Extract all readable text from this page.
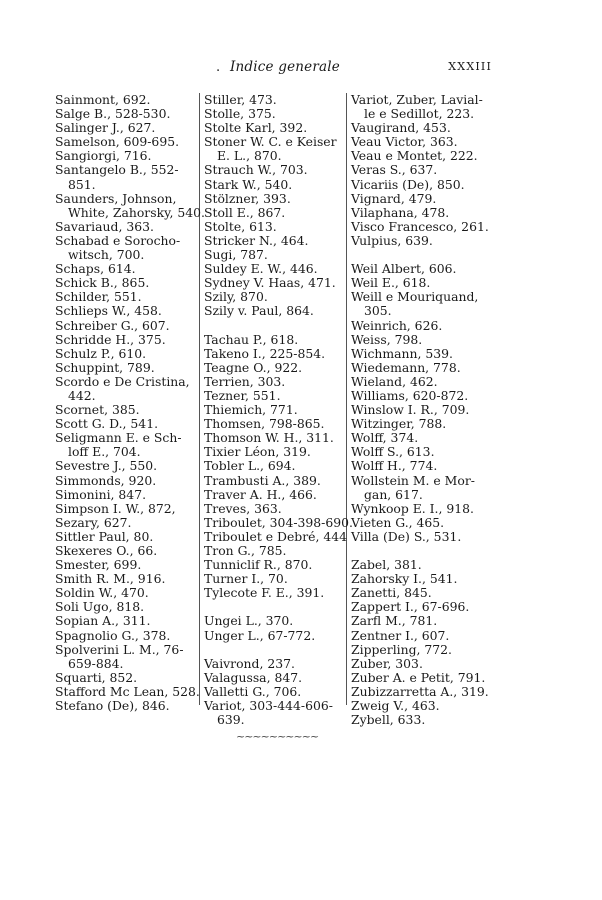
. Indice generale	XXXIII
Sainmont, 692.
Salge B., 528-530.
Salinger J., 627.
Samelson, 609-695.
Sangiorgi, 716.
Santangelo B., 552-
851.
Saunders, Johnson,
White, Zahorsky, 540.
Savariaud, 363.
Schabad e Sorocho-
witsch, 700.
Schaps, 614.
Schick B., 865.
Schilder, 551.
Schlieps W., 458.
Schreiber G., 607.
Schridde H., 375.
Schulz P., 610.
Schuppint, 789.
Scordo e De Cristina,
442.
Scornet, 385.
Scott G. D., 541.
Seligmann E. e Sch-
loff E., 704.
Sevestre J., 550.
Simmonds, 920.
Simonini, 847.
Simpson I. W., 872,
Sezary, 627.
Sittler Paul, 80.
Skexeres O., 66.
Smester, 699.
Smith R. M., 916.
Soldin W., 470.
Soli Ugo, 818.
Sopian A., 311.
Spagnolio G., 378.
Spolverini L. M., 76-
659-884.
Squarti, 852.
Stafford Mc Lean, 528.
Stefano (De), 846.
Stiller, 473.
Stolle, 375.
Stolte Karl, 392.
Stoner W. C. e Keiser
E. L., 870.
Strauch W., 703.
Stark W., 540.
Stölzner, 393.
Stoll E., 867.
Stolte, 613.
Stricker N., 464.
Sugi, 787.
Suldey E. W., 446.
Sydney V. Haas, 471.
Szily, 870.
Szily v. Paul, 864.
Tachau P., 618.
Takeno I., 225-854.
Teagne O., 922.
Terrien, 303.
Tezner, 551.
Thiemich, 771.
Thomsen, 798-865.
Thomson W. H., 311.
Tixier Léon, 319.
Tobler L., 694.
Trambusti A., 389.
Traver A. H., 466.
Treves, 363.
Triboulet, 304-398-690.
Triboulet e Debré, 444
Tron G., 785.
Tunniclif R., 870.
Turner I., 70.
Tylecote F. E., 391.
Ungei L., 370.
Unger L., 67-772.
Vaivrond, 237.
Valagussa, 847.
Valletti G., 706.
Variot, 303-444-606-
639.
Variot, Zuber, Lavial-
le e Sedillot, 223.
Vaugirand, 453.
Veau Victor, 363.
Veau e Montet, 222.
Veras S., 637.
Vicariis (De), 850.
Vignard, 479.
Vilaphana, 478.
Visco Francesco, 261.
Vulpius, 639.
Weil Albert, 606.
Weil E., 618.
Weill e Mouriquand,
305.
Weinrich, 626.
Weiss, 798.
Wichmann, 539.
Wiedemann, 778.
Wieland, 462.
Williams, 620-872.
Winslow I. R., 709.
Witzinger, 788.
Wolff, 374.
Wolff S., 613.
Wolff H., 774.
Wollstein M. e Mor-
gan, 617.
Wynkoop E. I., 918.
Vieten G., 465.
Villa (De) S., 531.
Zabel, 381.
Zahorsky I., 541.
Zanetti, 845.
Zappert I., 67-696.
Zarfl M., 781.
Zentner I., 607.
Zipperling, 772.
Zuber, 303.
Zuber A. e Petit, 791.
Zubizzarretta A., 319.
Zweig V., 463.
Zybell, 633.
~~~~~~~~~~
